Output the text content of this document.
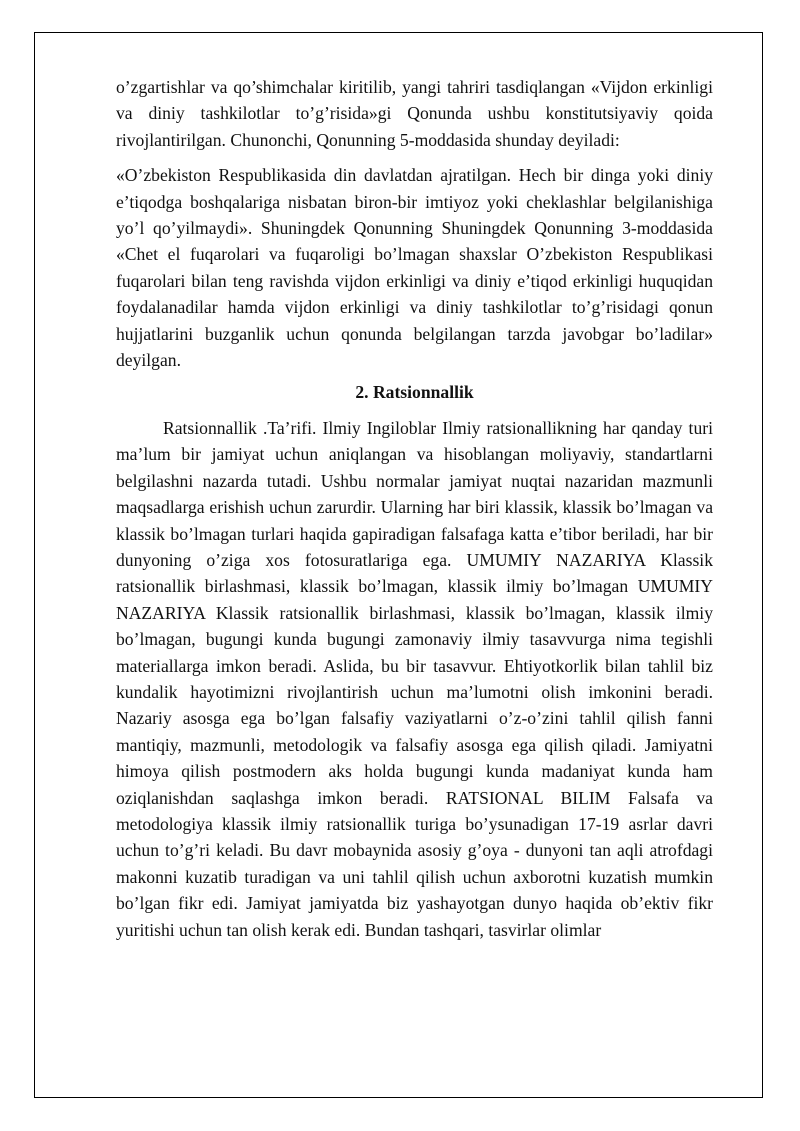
o’zgartishlar va qo’shimchalar kiritilib, yangi tahriri tasdiqlangan «Vijdon erkinligi va diniy tashkilotlar to’g’risida»gi Qonunda ushbu konstitutsiyaviy qoida rivojlantirilgan. Chunonchi, Qonunning 5-moddasida shunday deyiladi:

«O’zbekiston Respublikasida din davlatdan ajratilgan. Hech bir dinga yoki diniy e’tiqodga boshqalariga nisbatan biron-bir imtiyoz yoki cheklashlar belgilanishiga yo’l qo’yilmaydi». Shuningdek Qonunning Shuningdek Qonunning 3-moddasida «Chet el fuqarolari va fuqaroligi bo’lmagan shaxslar O’zbekiston Respublikasi fuqarolari bilan teng ravishda vijdon erkinligi va diniy e’tiqod erkinligi huquqidan foydalanadilar hamda vijdon erkinligi va diniy tashkilotlar to’g’risidagi qonun hujjatlarini buzganlik uchun qonunda belgilangan tarzda javobgar bo’ladilar» deyilgan.

2. Ratsionnallik

Ratsionnallik .Ta’rifi. Ilmiy Ingiloblar Ilmiy ratsionallikning har qanday turi ma’lum bir jamiyat uchun aniqlangan va hisoblangan moliyaviy, standartlarni belgilashni nazarda tutadi. Ushbu normalar jamiyat nuqtai nazaridan mazmunli maqsadlarga erishish uchun zarurdir. Ularning har biri klassik, klassik bo’lmagan va klassik bo’lmagan turlari haqida gapiradigan falsafaga katta e’tibor beriladi, har bir dunyoning o’ziga xos fotosuratlariga ega. UMUMIY NAZARIYA Klassik ratsionallik birlashmasi, klassik bo’lmagan, klassik ilmiy bo’lmagan UMUMIY NAZARIYA Klassik ratsionallik birlashmasi, klassik bo’lmagan, klassik ilmiy bo’lmagan, bugungi kunda bugungi zamonaviy ilmiy tasavvurga nima tegishli materiallarga imkon beradi. Aslida, bu bir tasavvur. Ehtiyotkorlik bilan tahlil biz kundalik hayotimizni rivojlantirish uchun ma’lumotni olish imkonini beradi. Nazariy asosga ega bo’lgan falsafiy vaziyatlarni o’z-o’zini tahlil qilish fanni mantiqiy, mazmunli, metodologik va falsafiy asosga ega qilish qiladi. Jamiyatni himoya qilish postmodern aks holda bugungi kunda madaniyat kunda ham oziqlanishdan saqlashga imkon beradi. RATSIONAL BILIM Falsafa va metodologiya klassik ilmiy ratsionallik turiga bo’ysunadigan 17-19 asrlar davri uchun to’g’ri keladi. Bu davr mobaynida asosiy g’oya - dunyoni tan aqli atrofdagi makonni kuzatib turadigan va uni tahlil qilish uchun axborotni kuzatish mumkin bo’lgan fikr edi. Jamiyat jamiyatda biz yashayotgan dunyo haqida ob’ektiv fikr yuritishi uchun tan olish kerak edi. Bundan tashqari, tasvirlar olimlar
